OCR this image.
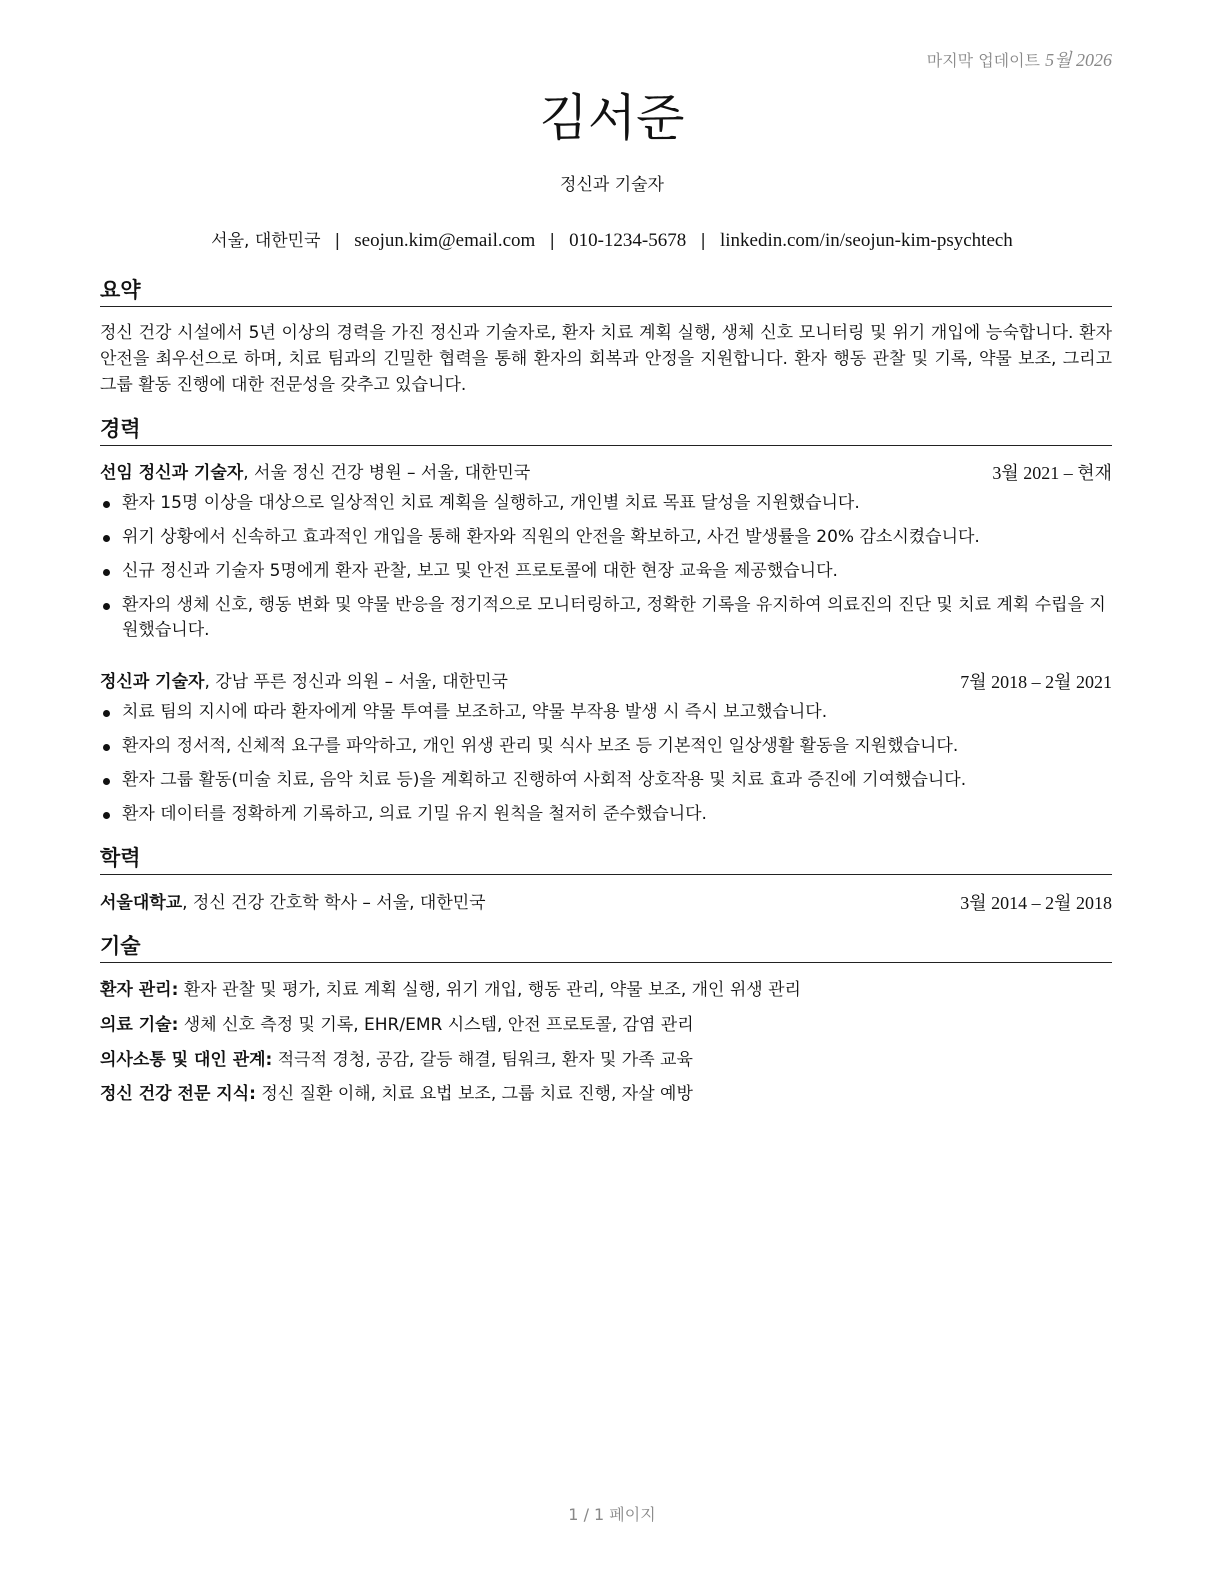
마지막 업데이트 5월 2026
김서준
정신과 기술자
서울, 대한민국 | seojun.kim@email.com | 010-1234-5678 | linkedin.com/in/seojun-kim-psychtech
요약

정신 건강 시설에서 5년 이상의 경력을 가진 정신과 기술자로, 환자 치료 계획 실행, 생체 신호 모니터링 및 위기 개입에 능숙합니다. 환자 안전을 최우선으로 하며, 치료 팀과의 긴밀한 협력을 통해 환자의 회복과 안정을 지원합니다. 환자 행동 관찰 및 기록, 약물 보조, 그리고 그룹 활동 진행에 대한 전문성을 갖추고 있습니다.

경력
선임 정신과 기술자, 서울 정신 건강 병원 – 서울, 대한민국	3월 2021 – 현재
환자 15명 이상을 대상으로 일상적인 치료 계획을 실행하고, 개인별 치료 목표 달성을 지원했습니다.
위기 상황에서 신속하고 효과적인 개입을 통해 환자와 직원의 안전을 확보하고, 사건 발생률을 20% 감소시켰습니다.
신규 정신과 기술자 5명에게 환자 관찰, 보고 및 안전 프로토콜에 대한 현장 교육을 제공했습니다.
환자의 생체 신호, 행동 변화 및 약물 반응을 정기적으로 모니터링하고, 정확한 기록을 유지하여 의료진의 진단 및 치료 계획 수립을 지원했습니다.
정신과 기술자, 강남 푸른 정신과 의원 – 서울, 대한민국	7월 2018 – 2월 2021
치료 팀의 지시에 따라 환자에게 약물 투여를 보조하고, 약물 부작용 발생 시 즉시 보고했습니다.
환자의 정서적, 신체적 요구를 파악하고, 개인 위생 관리 및 식사 보조 등 기본적인 일상생활 활동을 지원했습니다.
환자 그룹 활동(미술 치료, 음악 치료 등)을 계획하고 진행하여 사회적 상호작용 및 치료 효과 증진에 기여했습니다.
환자 데이터를 정확하게 기록하고, 의료 기밀 유지 원칙을 철저히 준수했습니다.
학력
서울대학교, 정신 건강 간호학 학사 – 서울, 대한민국	3월 2014 – 2월 2018
기술
환자 관리: 환자 관찰 및 평가, 치료 계획 실행, 위기 개입, 행동 관리, 약물 보조, 개인 위생 관리
의료 기술: 생체 신호 측정 및 기록, EHR/EMR 시스템, 안전 프로토콜, 감염 관리
의사소통 및 대인 관계: 적극적 경청, 공감, 갈등 해결, 팀워크, 환자 및 가족 교육
정신 건강 전문 지식: 정신 질환 이해, 치료 요법 보조, 그룹 치료 진행, 자살 예방
1 / 1 페이지
